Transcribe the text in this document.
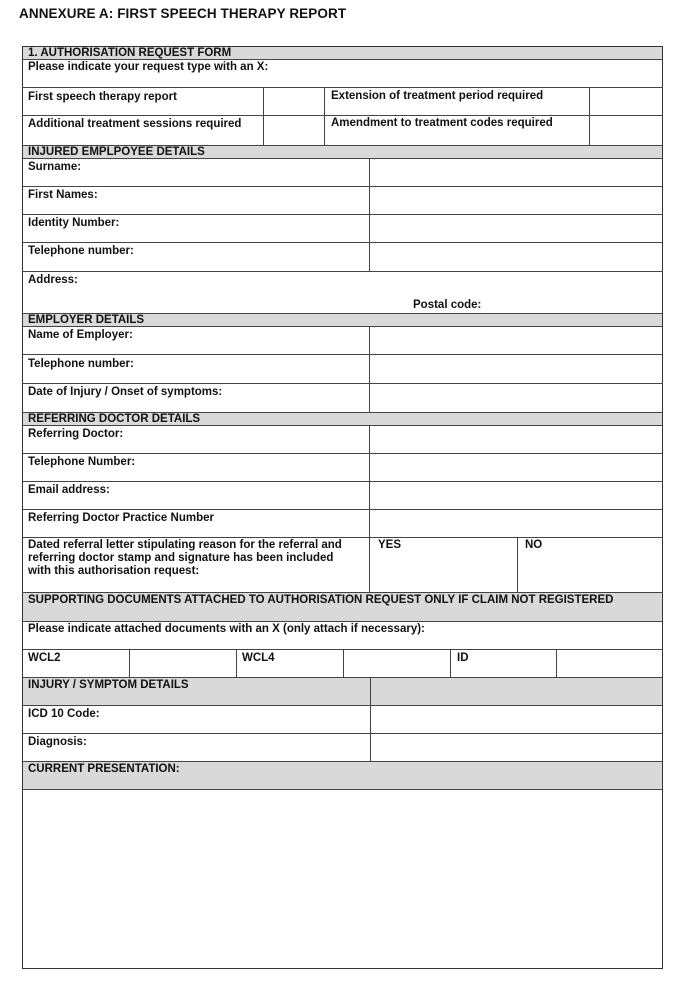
ANNEXURE A: FIRST SPEECH THERAPY REPORT
1. AUTHORISATION REQUEST FORM
Please indicate your request type with an X:
First speech therapy report	Extension of treatment period required
Additional treatment sessions required	Amendment to treatment codes required
INJURED EMPLPOYEE DETAILS
Surname:
First Names:
Identity Number:
Telephone number:
Address:
Postal code:
EMPLOYER DETAILS
Name of Employer:
Telephone number:
Date of Injury / Onset of symptoms:
REFERRING DOCTOR DETAILS
Referring Doctor:
Telephone Number:
Email address:
Referring Doctor Practice Number
Dated referral letter stipulating reason for the referral and referring doctor stamp and signature has been included with this authorisation request:
YES	NO
SUPPORTING DOCUMENTS ATTACHED TO AUTHORISATION REQUEST ONLY IF CLAIM NOT REGISTERED
Please indicate attached documents with an X (only attach if necessary):
WCL2	WCL4	ID
INJURY / SYMPTOM DETAILS
ICD 10 Code:
Diagnosis:
CURRENT PRESENTATION:
